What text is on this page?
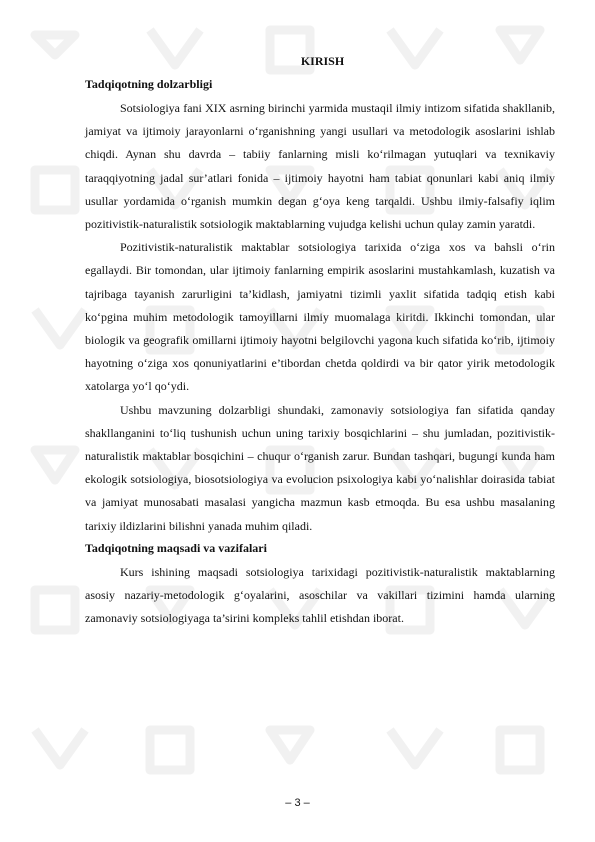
KIRISH
Tadqiqotning dolzarbligi

Sotsiologiya fani XIX asrning birinchi yarmida mustaqil ilmiy intizom sifatida shakllanib, jamiyat va ijtimoiy jarayonlarni o‘rganishning yangi usullari va metodologik asoslarini ishlab chiqdi. Aynan shu davrda – tabiiy fanlarning misli ko‘rilmagan yutuqlari va texnikaviy taraqqiyotning jadal sur’atlari fonida – ijtimoiy hayotni ham tabiat qonunlari kabi aniq ilmiy usullar yordamida o‘rganish mumkin degan g‘oya keng tarqaldi. Ushbu ilmiy-falsafiy iqlim pozitivistik-naturalistik sotsiologik maktablarning vujudga kelishi uchun qulay zamin yaratdi.

Pozitivistik-naturalistik maktablar sotsiologiya tarixida o‘ziga xos va bahsli o‘rin egallaydi. Bir tomondan, ular ijtimoiy fanlarning empirik asoslarini mustahkamlash, kuzatish va tajribaga tayanish zarurligini ta’kidlash, jamiyatni tizimli yaxlit sifatida tadqiq etish kabi ko‘pgina muhim metodologik tamoyillarni ilmiy muomalaga kiritdi. Ikkinchi tomondan, ular biologik va geografik omillarni ijtimoiy hayotni belgilovchi yagona kuch sifatida ko‘rib, ijtimoiy hayotning o‘ziga xos qonuniyatlarini e’tibordan chetda qoldirdi va bir qator yirik metodologik xatolarga yo‘l qo‘ydi.

Ushbu mavzuning dolzarbligi shundaki, zamonaviy sotsiologiya fan sifatida qanday shakllanganini to‘liq tushunish uchun uning tarixiy bosqichlarini – shu jumladan, pozitivistik-naturalistik maktablar bosqichini – chuqur o‘rganish zarur. Bundan tashqari, bugungi kunda ham ekologik sotsiologiya, biosotsiologiya va evolucion psixologiya kabi yo‘nalishlar doirasida tabiat va jamiyat munosabati masalasi yangicha mazmun kasb etmoqda. Bu esa ushbu masalaning tarixiy ildizlarini bilishni yanada muhim qiladi.

Tadqiqotning maqsadi va vazifalari

Kurs ishining maqsadi sotsiologiya tarixidagi pozitivistik-naturalistik maktablarning asosiy nazariy-metodologik g‘oyalarini, asoschilar va vakillari tizimini hamda ularning zamonaviy sotsiologiyaga ta’sirini kompleks tahlil etishdan iborat.

– 3 –
